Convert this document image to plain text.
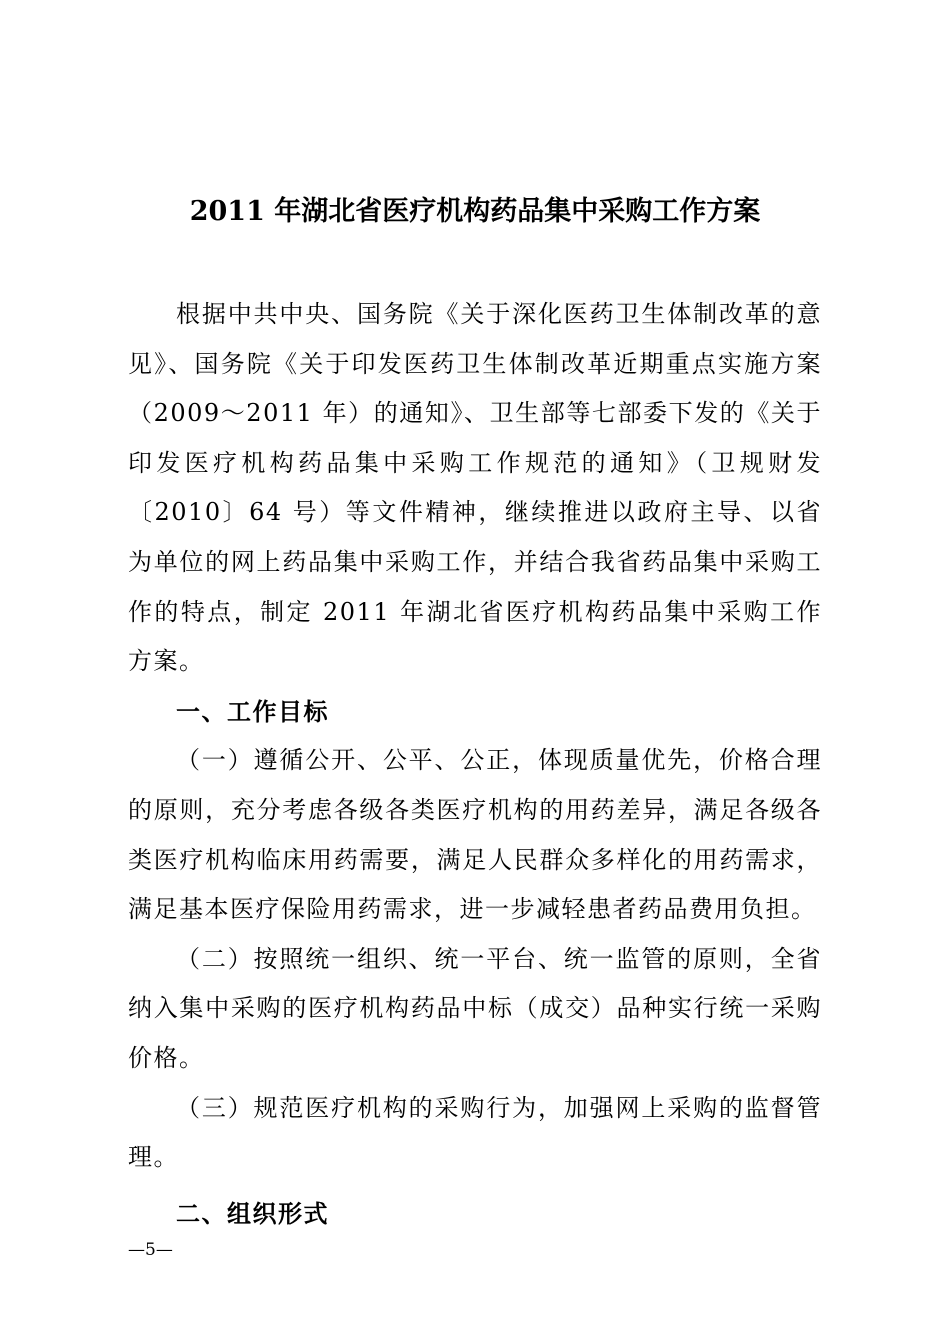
2011 年湖北省医疗机构药品集中采购工作方案

根据中共中央、国务院《关于深化医药卫生体制改革的意见》、国务院《关于印发医药卫生体制改革近期重点实施方案（2009～2011 年）的通知》、卫生部等七部委下发的《关于印发医疗机构药品集中采购工作规范的通知》（卫规财发〔2010〕64 号）等文件精神，继续推进以政府主导、以省为单位的网上药品集中采购工作，并结合我省药品集中采购工作的特点，制定 2011 年湖北省医疗机构药品集中采购工作方案。

一、工作目标

（一）遵循公开、公平、公正，体现质量优先，价格合理的原则，充分考虑各级各类医疗机构的用药差异，满足各级各类医疗机构临床用药需要，满足人民群众多样化的用药需求，满足基本医疗保险用药需求，进一步减轻患者药品费用负担。

（二）按照统一组织、统一平台、统一监管的原则，全省纳入集中采购的医疗机构药品中标（成交）品种实行统一采购价格。

（三）规范医疗机构的采购行为，加强网上采购的监督管理。

二、组织形式

—5—
